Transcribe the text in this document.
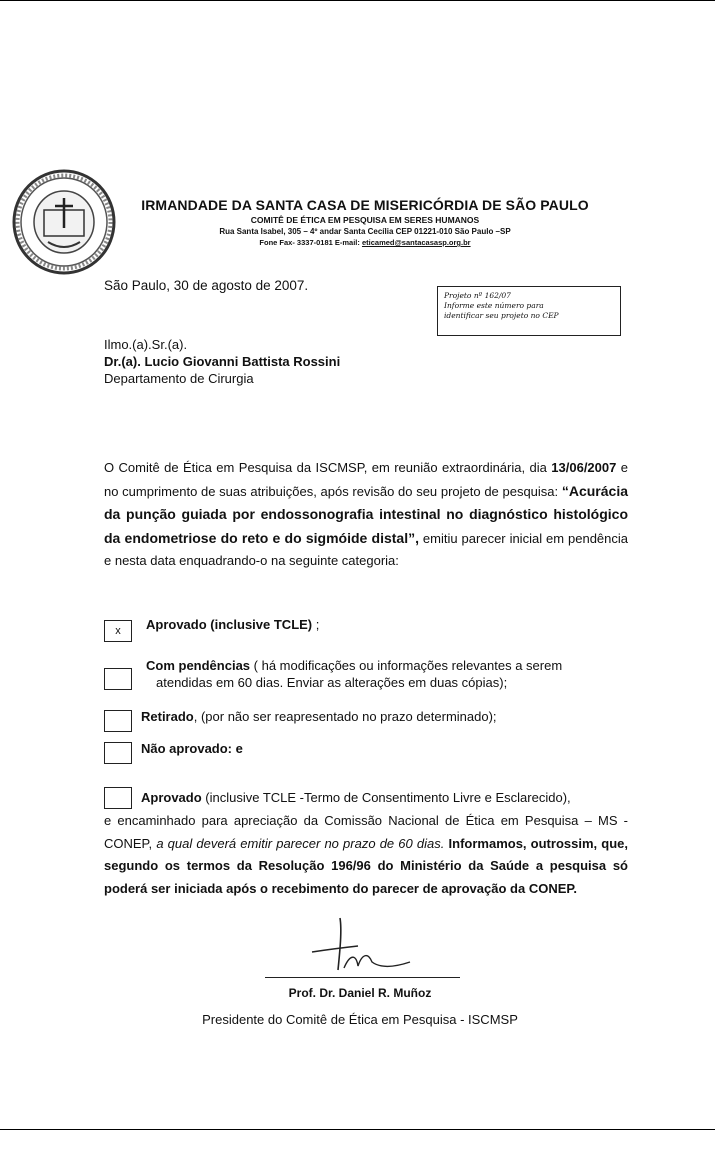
IRMANDADE DA SANTA CASA DE MISERICÓRDIA DE SÃO PAULO
COMITÊ DE ÉTICA EM PESQUISA EM SERES HUMANOS
Rua Santa Isabel, 305 – 4º andar Santa Cecília CEP 01221-010 São Paulo –SP
Fone Fax- 3337-0181 E-mail: eticamed@santacasasp.org.br
São Paulo, 30 de agosto de 2007.
Projeto nº 162/07
Informe este número para
identificar seu projeto no CEP
Ilmo.(a).Sr.(a).
Dr.(a). Lucio Giovanni Battista Rossini
Departamento de Cirurgia
O Comitê de Ética em Pesquisa da ISCMSP, em reunião extraordinária, dia 13/06/2007 e no cumprimento de suas atribuições, após revisão do seu projeto de pesquisa: “Acurácia da punção guiada por endossonografia intestinal no diagnóstico histológico da endometriose do reto e do sigmóide distal”, emitiu parecer inicial em pendência e nesta data enquadrando-o na seguinte categoria:
x	Aprovado (inclusive TCLE) ;
Com pendências ( há modificações ou informações relevantes a serem
atendidas em 60 dias. Enviar as alterações em duas cópias);
Retirado, (por não ser reapresentado no prazo determinado);
Não aprovado: e
Aprovado (inclusive TCLE -Termo de Consentimento Livre e Esclarecido),
e encaminhado para apreciação da Comissão Nacional de Ética em Pesquisa – MS -CONEP, a qual deverá emitir parecer no prazo de 60 dias. Informamos, outrossim, que, segundo os termos da Resolução 196/96 do Ministério da Saúde a pesquisa só poderá ser iniciada após o recebimento do parecer de aprovação da CONEP.
Prof. Dr. Daniel R. Muñoz
Presidente do Comitê de Ética em Pesquisa - ISCMSP
